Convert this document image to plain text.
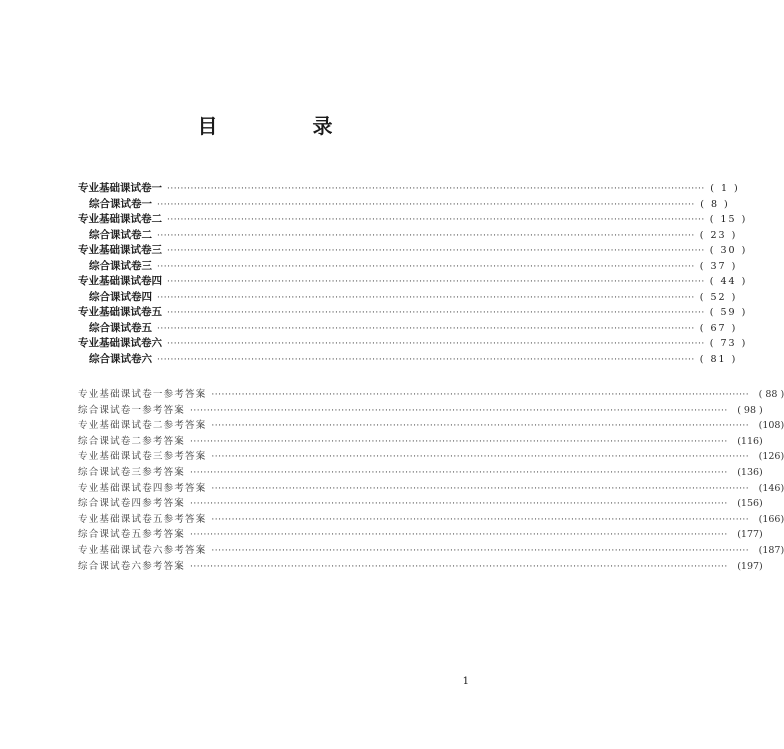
目 录
专业基础课 试卷一 ································································································································································ ( 1 )
综合课 试卷一 ································································································································································ ( 8 )
专业基础课 试卷二 ································································································································································ ( 15 )
综合课 试卷二 ································································································································································ ( 23 )
专业基础课 试卷三 ································································································································································ ( 30 )
综合课 试卷三 ································································································································································ ( 37 )
专业基础课 试卷四 ································································································································································ ( 44 )
综合课 试卷四 ································································································································································ ( 52 )
专业基础课 试卷五 ································································································································································ ( 59 )
综合课 试卷五 ································································································································································ ( 67 )
专业基础课 试卷六 ································································································································································ ( 73 )
综合课 试卷六 ································································································································································ ( 81 )
专业基础课 试卷一参考答案 ································································································································································ ( 88 )
综合课 试卷一参考答案 ································································································································································ ( 98 )
专业基础课 试卷二参考答案 ································································································································································ (108)
综合课 试卷二参考答案 ································································································································································ (116)
专业基础课 试卷三参考答案 ································································································································································ (126)
综合课 试卷三参考答案 ································································································································································ (136)
专业基础课 试卷四参考答案 ································································································································································ (146)
综合课 试卷四参考答案 ································································································································································ (156)
专业基础课 试卷五参考答案 ································································································································································ (166)
综合课 试卷五参考答案 ································································································································································ (177)
专业基础课 试卷六参考答案 ································································································································································ (187)
综合课 试卷六参考答案 ································································································································································ (197)
1
